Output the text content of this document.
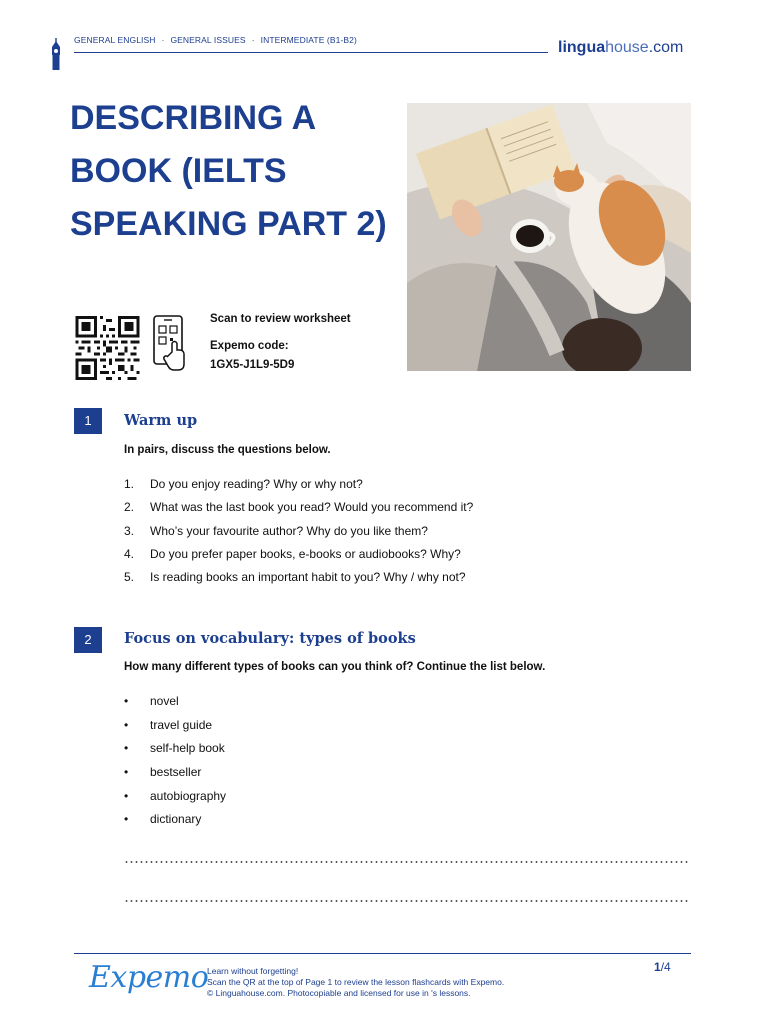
GENERAL ENGLISH · GENERAL ISSUES · INTERMEDIATE (B1-B2)	linguahouse.com
DESCRIBING A
BOOK (IELTS
SPEAKING PART 2)
Scan to review worksheet
Expemo code:
1GX5-J1L9-5D9
1	Warm up
In pairs, discuss the questions below.
1. Do you enjoy reading? Why or why not?
2. What was the last book you read? Would you recommend it?
3. Who’s your favourite author? Why do you like them?
4. Do you prefer paper books, e-books or audiobooks? Why?
5. Is reading books an important habit to you? Why / why not?
2	Focus on vocabulary: types of books
How many different types of books can you think of? Continue the list below.
• novel
• travel guide
• self-help book
• bestseller
• autobiography
• dictionary
Expemo
Learn without forgetting!
Scan the QR at the top of Page 1 to review the lesson flashcards with Expemo.
© Linguahouse.com. Photocopiable and licensed for use in 's lessons.
1/4
